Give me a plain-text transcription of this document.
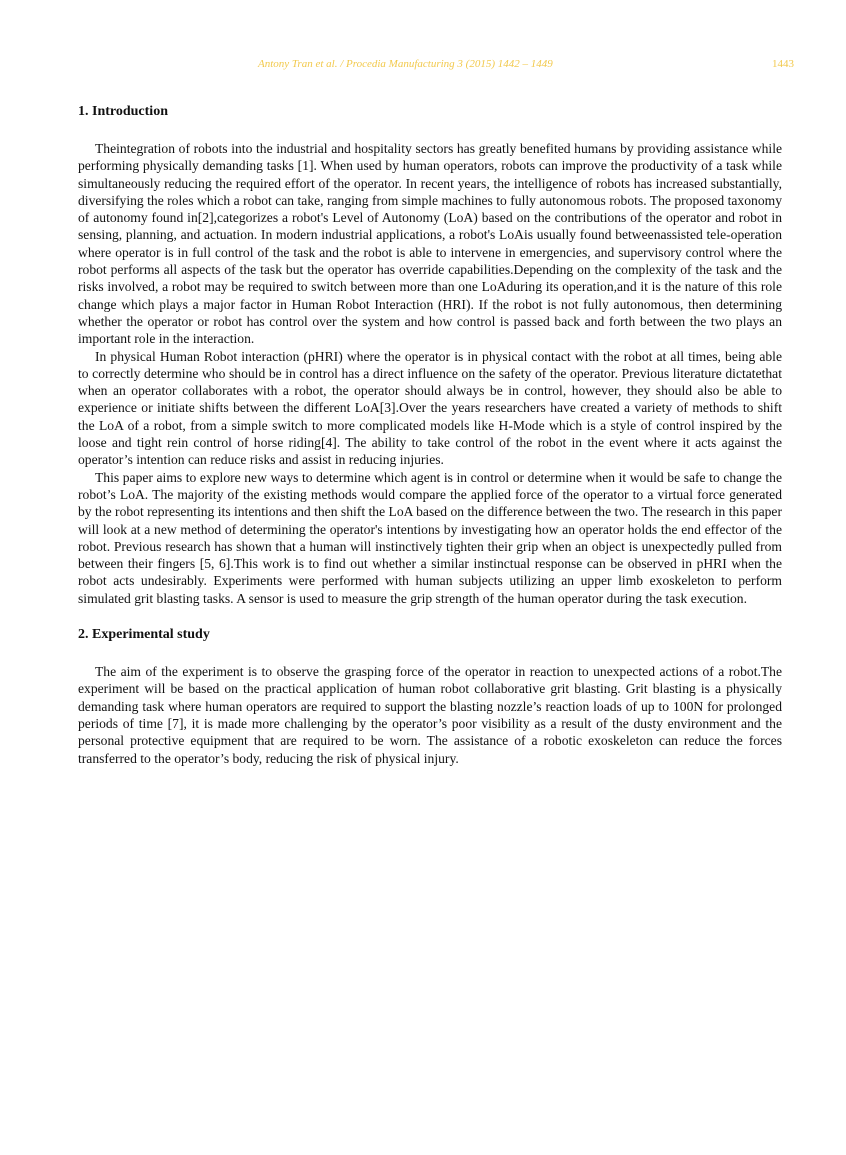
Antony Tran et al. / Procedia Manufacturing 3 (2015) 1442 – 1449	1443
1. Introduction

Theintegration of robots into the industrial and hospitality sectors has greatly benefited humans by providing assistance while performing physically demanding tasks [1]. When used by human operators, robots can improve the productivity of a task while simultaneously reducing the required effort of the operator. In recent years, the intelligence of robots has increased substantially, diversifying the roles which a robot can take, ranging from simple machines to fully autonomous robots. The proposed taxonomy of autonomy found in[2],categorizes a robot's Level of Autonomy (LoA) based on the contributions of the operator and robot in sensing, planning, and actuation. In modern industrial applications, a robot's LoAis usually found betweenassisted tele-operation where operator is in full control of the task and the robot is able to intervene in emergencies, and supervisory control where the robot performs all aspects of the task but the operator has override capabilities.Depending on the complexity of the task and the risks involved, a robot may be required to switch between more than one LoAduring its operation,and it is the nature of this role change which plays a major factor in Human Robot Interaction (HRI). If the robot is not fully autonomous, then determining whether the operator or robot has control over the system and how control is passed back and forth between the two plays an important role in the interaction.

In physical Human Robot interaction (pHRI) where the operator is in physical contact with the robot at all times, being able to correctly determine who should be in control has a direct influence on the safety of the operator. Previous literature dictatethat when an operator collaborates with a robot, the operator should always be in control, however, they should also be able to experience or initiate shifts between the different LoA[3].Over the years researchers have created a variety of methods to shift the LoA of a robot, from a simple switch to more complicated models like H-Mode which is a style of control inspired by the loose and tight rein control of horse riding[4]. The ability to take control of the robot in the event where it acts against the operator’s intention can reduce risks and assist in reducing injuries.

This paper aims to explore new ways to determine which agent is in control or determine when it would be safe to change the robot’s LoA. The majority of the existing methods would compare the applied force of the operator to a virtual force generated by the robot representing its intentions and then shift the LoA based on the difference between the two. The research in this paper will look at a new method of determining the operator's intentions by investigating how an operator holds the end effector of the robot. Previous research has shown that a human will instinctively tighten their grip when an object is unexpectedly pulled from between their fingers [5, 6].This work is to find out whether a similar instinctual response can be observed in pHRI when the robot acts undesirably. Experiments were performed with human subjects utilizing an upper limb exoskeleton to perform simulated grit blasting tasks. A sensor is used to measure the grip strength of the human operator during the task execution.

2. Experimental study

The aim of the experiment is to observe the grasping force of the operator in reaction to unexpected actions of a robot.The experiment will be based on the practical application of human robot collaborative grit blasting. Grit blasting is a physically demanding task where human operators are required to support the blasting nozzle’s reaction loads of up to 100N for prolonged periods of time [7], it is made more challenging by the operator’s poor visibility as a result of the dusty environment and the personal protective equipment that are required to be worn. The assistance of a robotic exoskeleton can reduce the forces transferred to the operator’s body, reducing the risk of physical injury.
